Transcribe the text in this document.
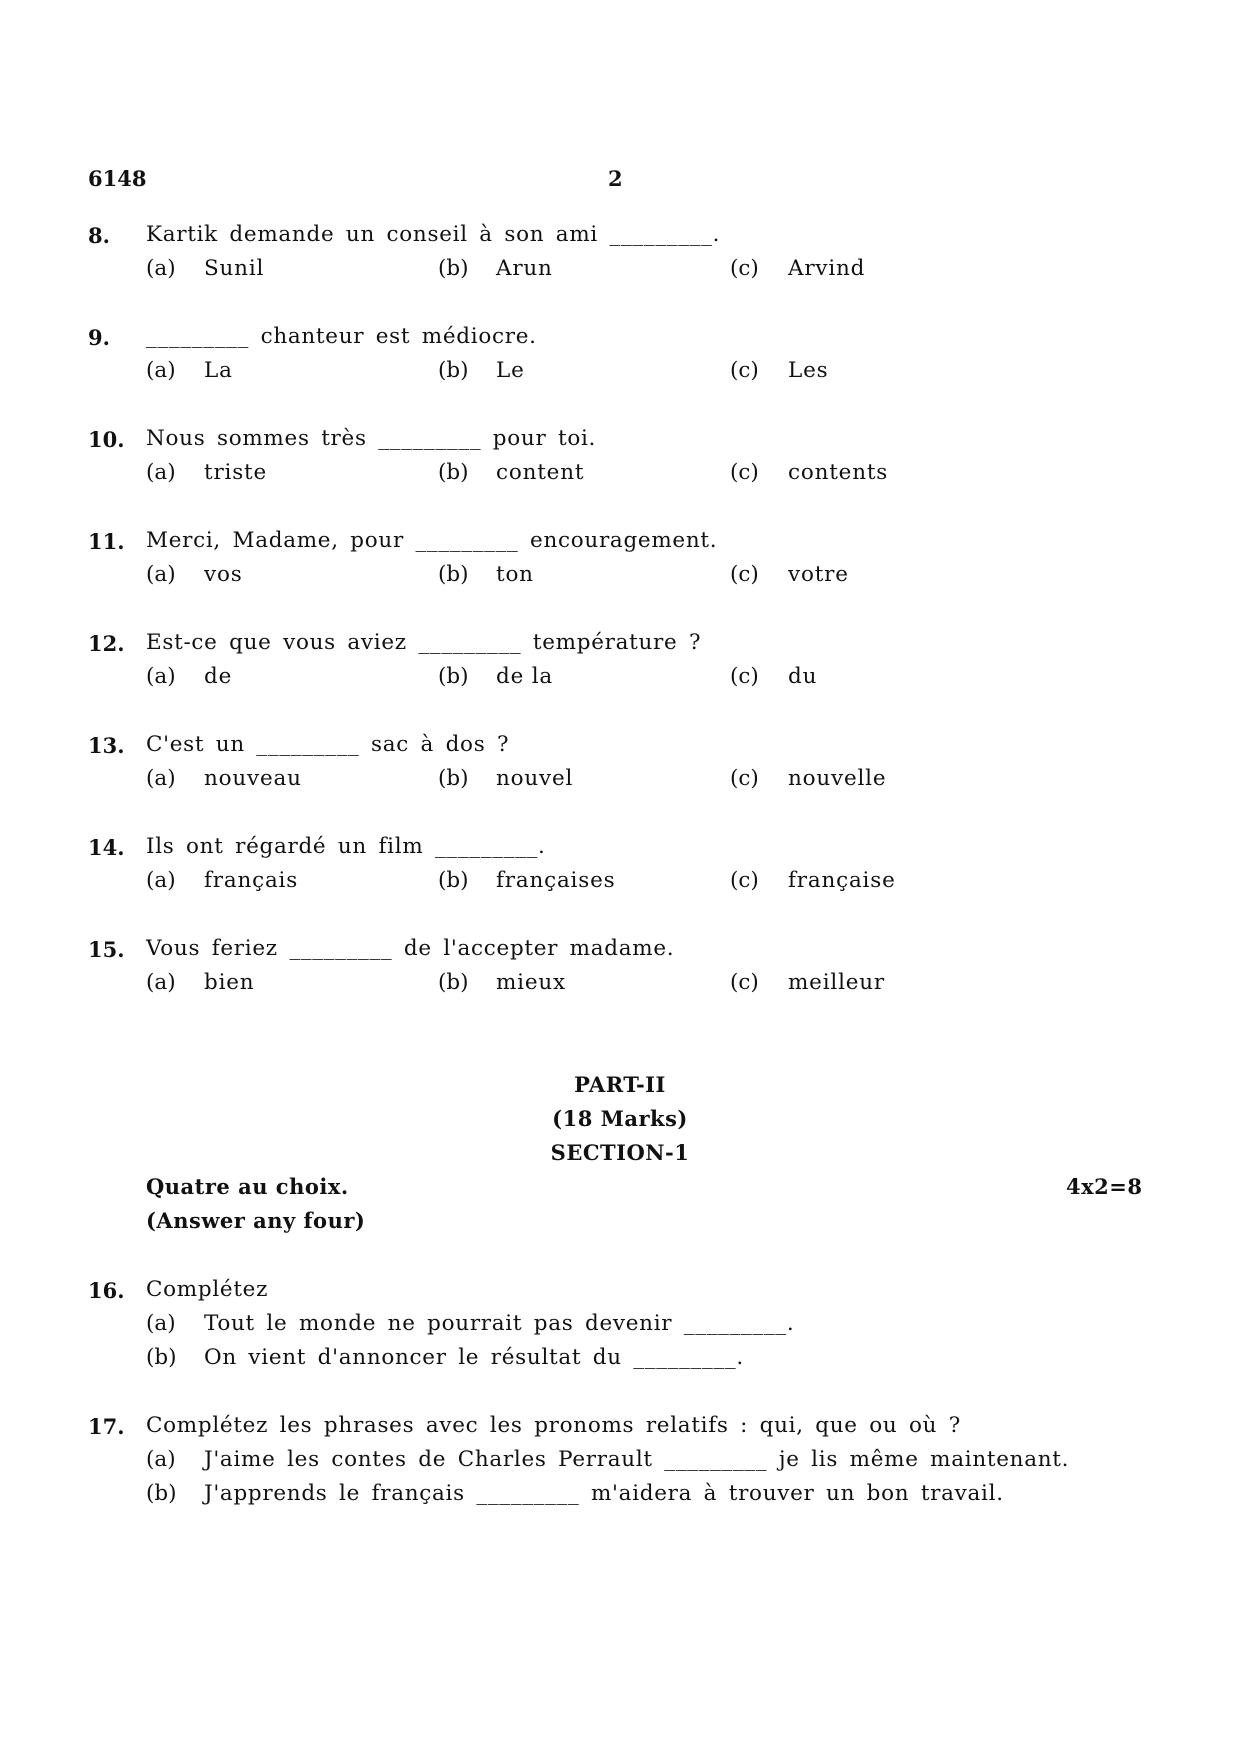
6148	2
8. Kartik demande un conseil à son ami _________.
(a) Sunil	(b) Arun	(c) Arvind
9. _________ chanteur est médiocre.
(a) La	(b) Le	(c) Les
10. Nous sommes très _________ pour toi.
(a) triste	(b) content	(c) contents
11. Merci, Madame, pour _________ encouragement.
(a) vos	(b) ton	(c) votre
12. Est-ce que vous aviez _________ température ?
(a) de	(b) de la	(c) du
13. C'est un _________ sac à dos ?
(a) nouveau	(b) nouvel	(c) nouvelle
14. Ils ont régardé un film _________.
(a) français	(b) françaises	(c) française
15. Vous feriez _________ de l'accepter madame.
(a) bien	(b) mieux	(c) meilleur
PART-II
(18 Marks)
SECTION-1
Quatre au choix.	4x2=8
(Answer any four)
16. Complétez
(a) Tout le monde ne pourrait pas devenir _________.
(b) On vient d'annoncer le résultat du _________.
17. Complétez les phrases avec les pronoms relatifs : qui, que ou où ?
(a) J'aime les contes de Charles Perrault _________ je lis même maintenant.
(b) J'apprends le français _________ m'aidera à trouver un bon travail.
